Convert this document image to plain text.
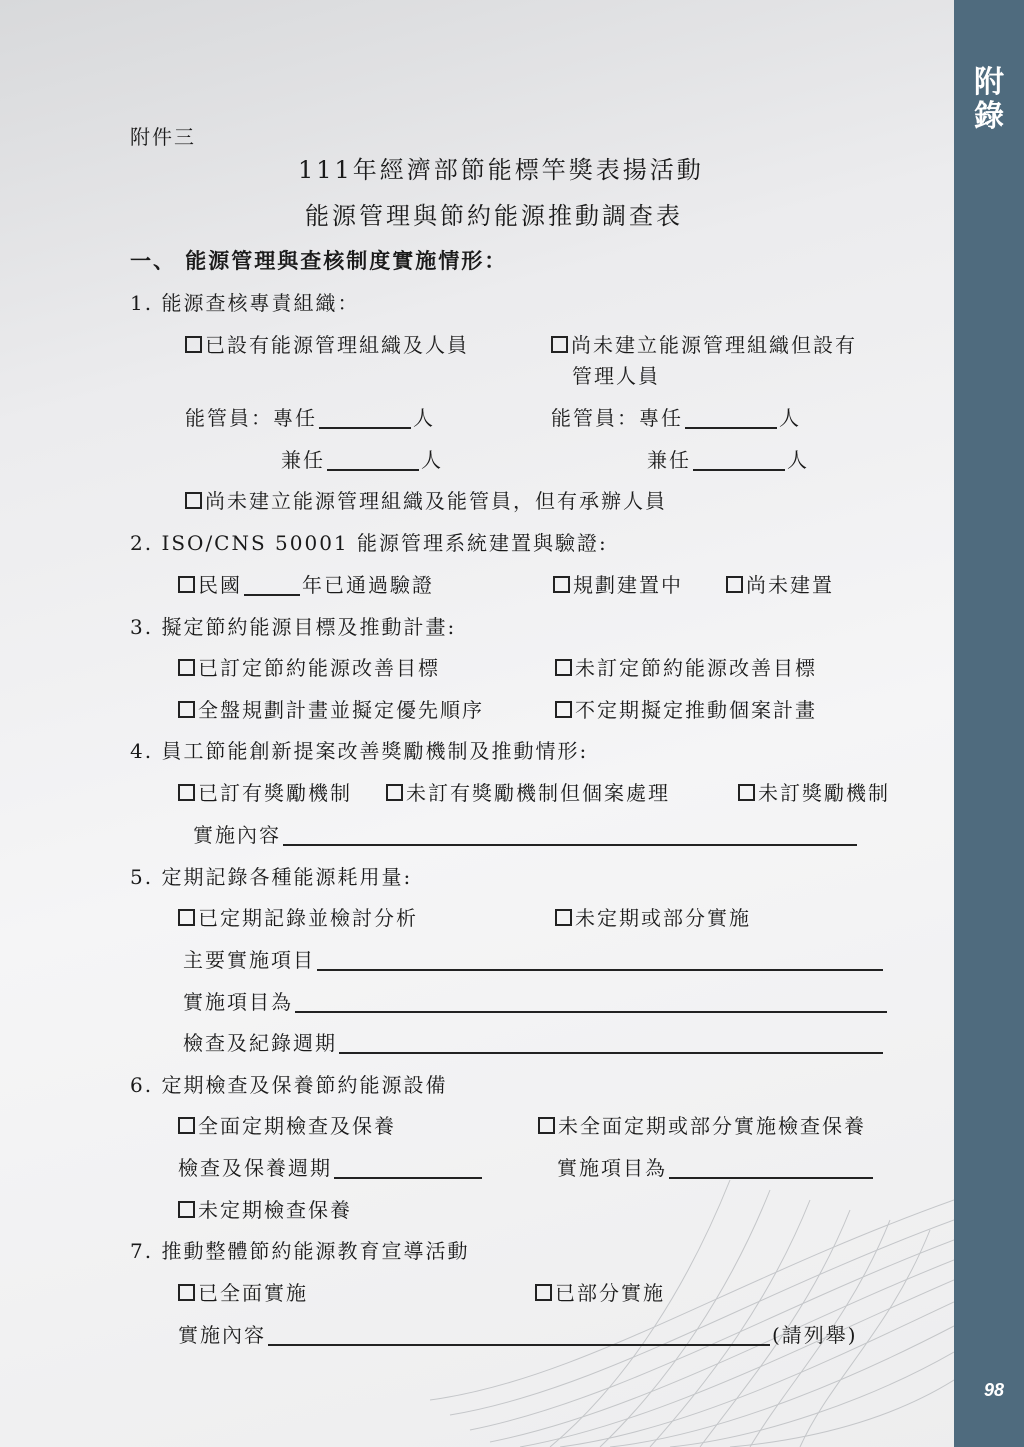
附
錄
98
附件三
111年經濟部節能標竿獎表揚活動
能源管理與節約能源推動調查表
一、 能源管理與查核制度實施情形：
1. 能源查核專責組織：
已設有能源管理組織及人員	尚未建立能源管理組織但設有
管理人員
能管員：專任	人	能管員：專任	人
兼任	人	兼任	人
尚未建立能源管理組織及能管員，但有承辦人員
2. ISO/CNS 50001 能源管理系統建置與驗證:
民國	年已通過驗證	規劃建置中	尚未建置
3. 擬定節約能源目標及推動計畫:
已訂定節約能源改善目標	未訂定節約能源改善目標
全盤規劃計畫並擬定優先順序	不定期擬定推動個案計畫
4. 員工節能創新提案改善獎勵機制及推動情形:
已訂有獎勵機制	未訂有獎勵機制但個案處理	未訂獎勵機制
實施內容
5. 定期記錄各種能源耗用量:
已定期記錄並檢討分析	未定期或部分實施
主要實施項目
實施項目為
檢查及紀錄週期
6. 定期檢查及保養節約能源設備
全面定期檢查及保養	未全面定期或部分實施檢查保養
檢查及保養週期	實施項目為
未定期檢查保養
7. 推動整體節約能源教育宣導活動
已全面實施	已部分實施
實施內容	(請列舉)
